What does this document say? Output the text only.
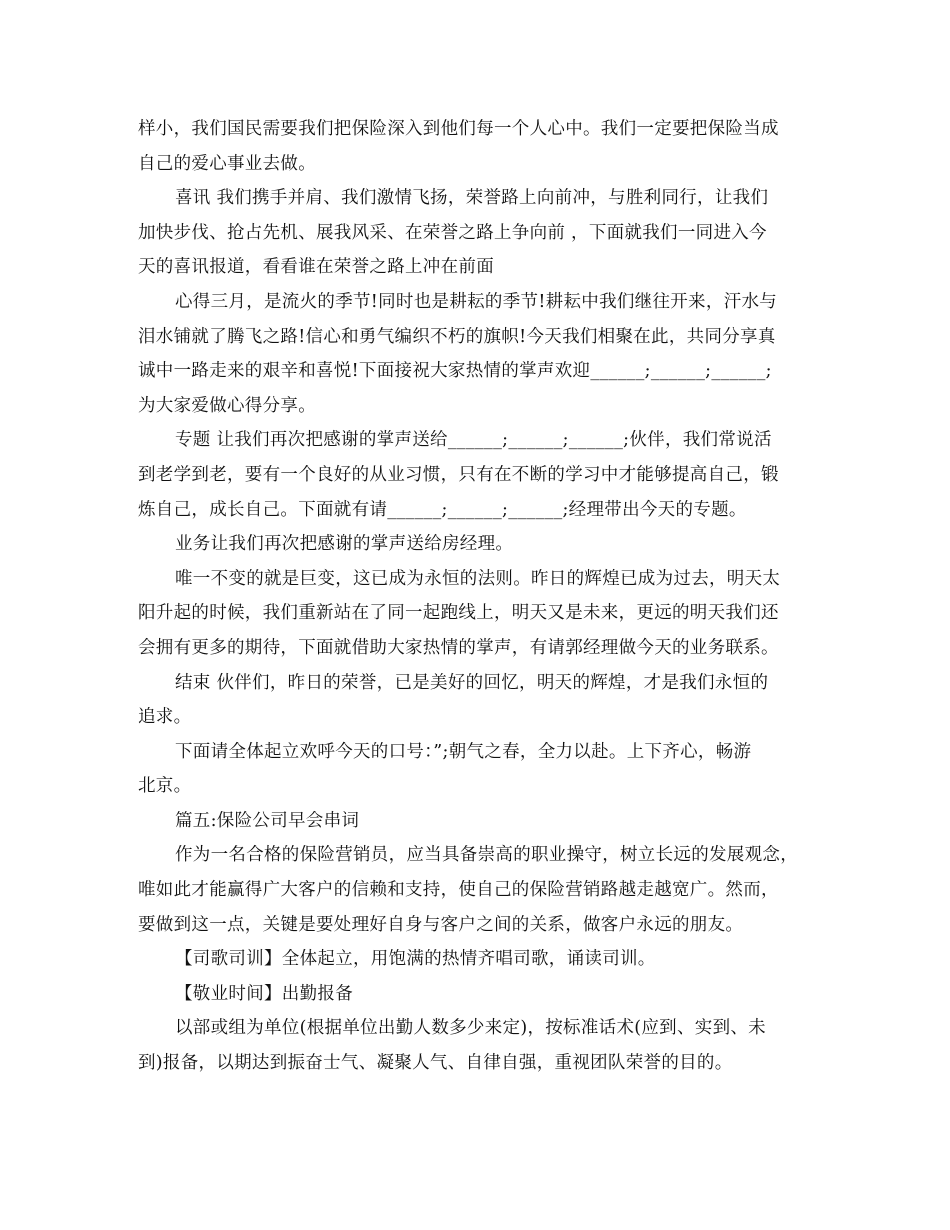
样小，我们国民需要我们把保险深入到他们每一个人心中。我们一定要把保险当成
自己的爱心事业去做。
喜讯 我们携手并肩、我们激情飞扬，荣誉路上向前冲，与胜利同行，让我们
加快步伐、抢占先机、展我风采、在荣誉之路上争向前 ，下面就我们一同进入今
天的喜讯报道，看看谁在荣誉之路上冲在前面
心得三月，是流火的季节!同时也是耕耘的季节!耕耘中我们继往开来，汗水与
泪水铺就了腾飞之路!信心和勇气编织不朽的旗帜!今天我们相聚在此，共同分享真
诚中一路走来的艰辛和喜悦!下面接祝大家热情的掌声欢迎______;______;______;
为大家爱做心得分享。
专题 让我们再次把感谢的掌声送给______;______;______;伙伴，我们常说活
到老学到老，要有一个良好的从业习惯，只有在不断的学习中才能够提高自己，锻
炼自己，成长自己。下面就有请______;______;______;经理带出今天的专题。
业务让我们再次把感谢的掌声送给房经理。
唯一不变的就是巨变，这已成为永恒的法则。昨日的辉煌已成为过去，明天太
阳升起的时候，我们重新站在了同一起跑线上，明天又是未来，更远的明天我们还
会拥有更多的期待，下面就借助大家热情的掌声，有请郭经理做今天的业务联系。
结束 伙伴们，昨日的荣誉，已是美好的回忆，明天的辉煌，才是我们永恒的
追求。
下面请全体起立欢呼今天的口号：”;朝气之春，全力以赴。上下齐心，畅游
北京。
篇五:保险公司早会串词
作为一名合格的保险营销员，应当具备崇高的职业操守，树立长远的发展观念，
唯如此才能赢得广大客户的信赖和支持，使自己的保险营销路越走越宽广。然而，
要做到这一点，关键是要处理好自身与客户之间的关系，做客户永远的朋友。
【司歌司训】全体起立，用饱满的热情齐唱司歌，诵读司训。
【敬业时间】出勤报备
以部或组为单位(根据单位出勤人数多少来定)，按标准话术(应到、实到、未
到)报备，以期达到振奋士气、凝聚人气、自律自强，重视团队荣誉的目的。
